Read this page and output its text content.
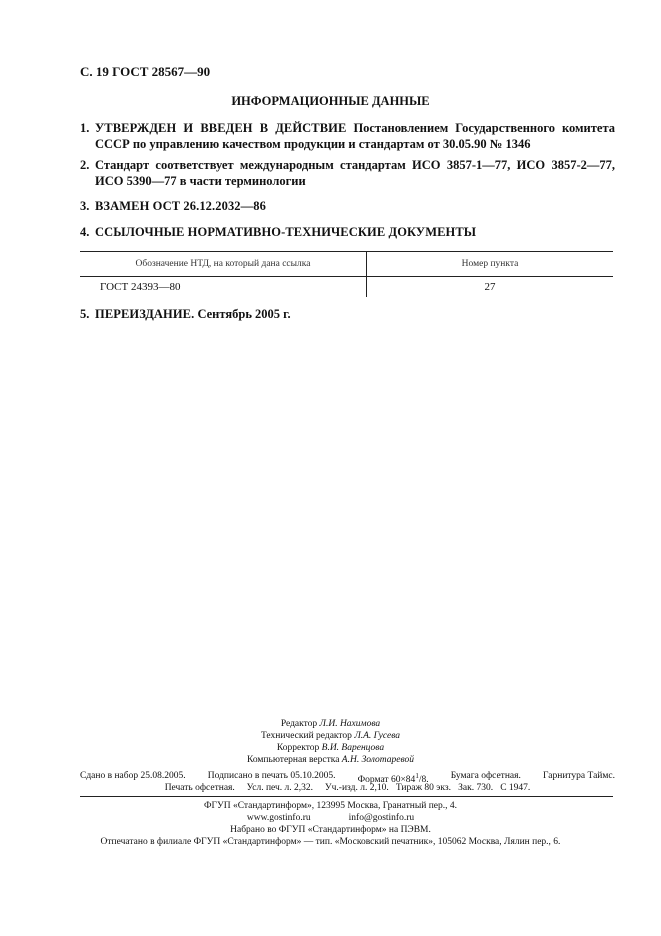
С. 19 ГОСТ 28567—90
ИНФОРМАЦИОННЫЕ ДАННЫЕ
1. УТВЕРЖДЕН И ВВЕДЕН В ДЕЙСТВИЕ Постановлением Государственного комитета СССР по управлению качеством продукции и стандартам от 30.05.90 № 1346
2. Стандарт соответствует международным стандартам ИСО 3857-1—77, ИСО 3857-2—77, ИСО 5390—77 в части терминологии
3. ВЗАМЕН ОСТ 26.12.2032—86
4. ССЫЛОЧНЫЕ НОРМАТИВНО-ТЕХНИЧЕСКИЕ ДОКУМЕНТЫ
Обозначение НТД, на который дана ссылка	Номер пункта
ГОСТ 24393—80	27
5. ПЕРЕИЗДАНИЕ. Сентябрь 2005 г.
Редактор Л.И. Нахимова
Технический редактор Л.А. Гусева
Корректор В.И. Варенцова
Компьютерная верстка А.Н. Золотаревой
Сдано в набор 25.08.2005. Подписано в печать 05.10.2005. Формат $60\times 84^1/8$. Бумага офсетная. Гарнитура Таймс.
Печать офсетная. Усл. печ. л. 2,32. Уч.-изд. л. 2,10. Тираж 80 экз. Зак. 730. С 1947.
ФГУП «Стандартинформ», 123995 Москва, Гранатный пер., 4.
www.gostinfo.ru	info@gostinfo.ru
Набрано во ФГУП «Стандартинформ» на ПЭВМ.
Отпечатано в филиале ФГУП «Стандартинформ» — тип. «Московский печатник», 105062 Москва, Лялин пер., 6.
